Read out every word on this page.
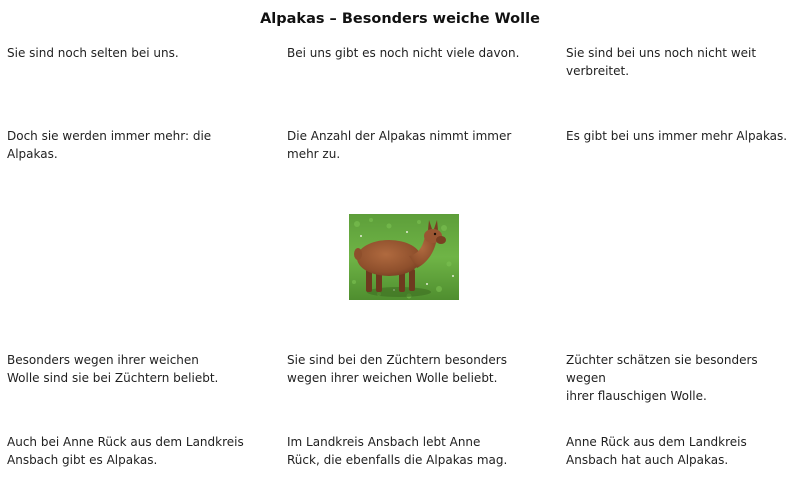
Alpakas – Besonders weiche Wolle
Sie sind noch selten bei uns.	Bei uns gibt es noch nicht viele davon.	Sie sind bei uns noch nicht weit
verbreitet.
Doch sie werden immer mehr: die
Alpakas.
Die Anzahl der Alpakas nimmt immer
mehr zu.
Es gibt bei uns immer mehr Alpakas.
Besonders wegen ihrer weichen
Wolle sind sie bei Züchtern beliebt.
Sie sind bei den Züchtern besonders
wegen ihrer weichen Wolle beliebt.
Züchter schätzen sie besonders wegen
ihrer flauschigen Wolle.
Auch bei Anne Rück aus dem Landkreis
Ansbach gibt es Alpakas.
Im Landkreis Ansbach lebt Anne
Rück, die ebenfalls die Alpakas mag.
Anne Rück aus dem Landkreis
Ansbach hat auch Alpakas.
